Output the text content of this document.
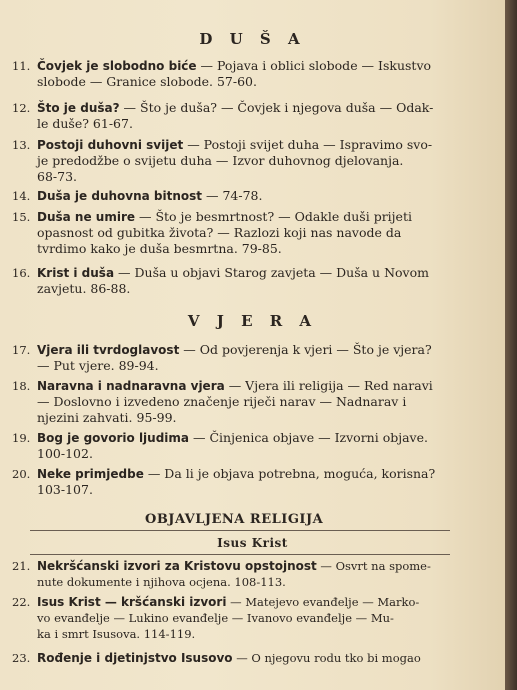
D U Š A
11. Čovjek je slobodno biće — Pojava i oblici slobode — Iskustvo
slobode — Granice slobode. 57-60.
12. Što je duša? — Što je duša? — Čovjek i njegova duša — Odak-
le duše? 61-67.
13. Postoji duhovni svijet — Postoji svijet duha — Ispravimo svo-
je predodžbe o svijetu duha — Izvor duhovnog djelovanja.
68-73.
14. Duša je duhovna bitnost — 74-78.
15. Duša ne umire — Što je besmrtnost? — Odakle duši prijeti
opasnost od gubitka života? — Razlozi koji nas navode da
tvrdimo kako je duša besmrtna. 79-85.
16. Krist i duša — Duša u objavi Starog zavjeta — Duša u Novom
zavjetu. 86-88.
V J E R A
17. Vjera ili tvrdoglavost — Od povjerenja k vjeri — Što je vjera?
— Put vjere. 89-94.
18. Naravna i nadnaravna vjera — Vjera ili religija — Red naravi
— Doslovno i izvedeno značenje riječi narav — Nadnarav i
njezini zahvati. 95-99.
19. Bog je govorio ljudima — Činjenica objave — Izvorni objave.
100-102.
20. Neke primjedbe — Da li je objava potrebna, moguća, korisna?
103-107.
OBJAVLJENA RELIGIJA
Isus Krist
21. Nekršćanski izvori za Kristovu opstojnost — Osvrt na spome-
nute dokumente i njihova ocjena. 108-113.
22. Isus Krist — kršćanski izvori — Matejevo evanđelje — Marko-
vo evanđelje — Lukino evanđelje — Ivanovo evanđelje — Mu-
ka i smrt Isusova. 114-119.
23. Rođenje i djetinjstvo Isusovo — O njegovu rodu tko bi mogao
